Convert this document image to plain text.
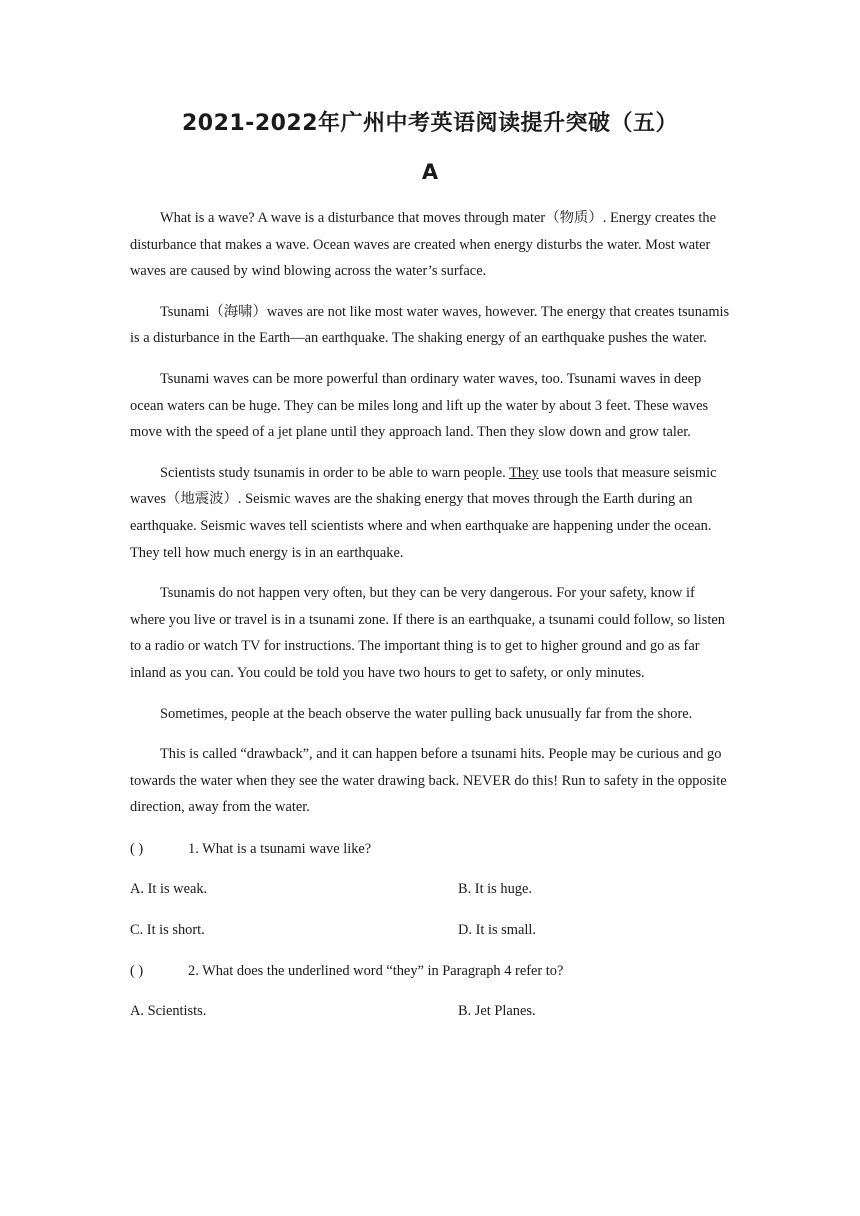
2021-2022年广州中考英语阅读提升突破（五）
A

What is a wave? A wave is a disturbance that moves through mater（物质）. Energy creates the disturbance that makes a wave. Ocean waves are created when energy disturbs the water. Most water waves are caused by wind blowing across the water’s surface.

Tsunami（海啸）waves are not like most water waves, however. The energy that creates tsunamis is a disturbance in the Earth—an earthquake. The shaking energy of an earthquake pushes the water.

Tsunami waves can be more powerful than ordinary water waves, too. Tsunami waves in deep ocean waters can be huge. They can be miles long and lift up the water by about 3 feet. These waves move with the speed of a jet plane until they approach land. Then they slow down and grow taler.

Scientists study tsunamis in order to be able to warn people. They use tools that measure seismic waves（地震波）. Seismic waves are the shaking energy that moves through the Earth during an earthquake. Seismic waves tell scientists where and when earthquake are happening under the ocean. They tell how much energy is in an earthquake.

Tsunamis do not happen very often, but they can be very dangerous. For your safety, know if where you live or travel is in a tsunami zone. If there is an earthquake, a tsunami could follow, so listen to a radio or watch TV for instructions. The important thing is to get to higher ground and go as far inland as you can. You could be told you have two hours to get to safety, or only minutes.

Sometimes, people at the beach observe the water pulling back unusually far from the shore.

This is called “drawback”, and it can happen before a tsunami hits. People may be curious and go towards the water when they see the water drawing back. NEVER do this! Run to safety in the opposite direction, away from the water.

( )	1. What is a tsunami wave like?
A. It is weak.	B. It is huge.
C. It is short.	D. It is small.
( )	2. What does the underlined word “they” in Paragraph 4 refer to?
A. Scientists.	B. Jet Planes.
